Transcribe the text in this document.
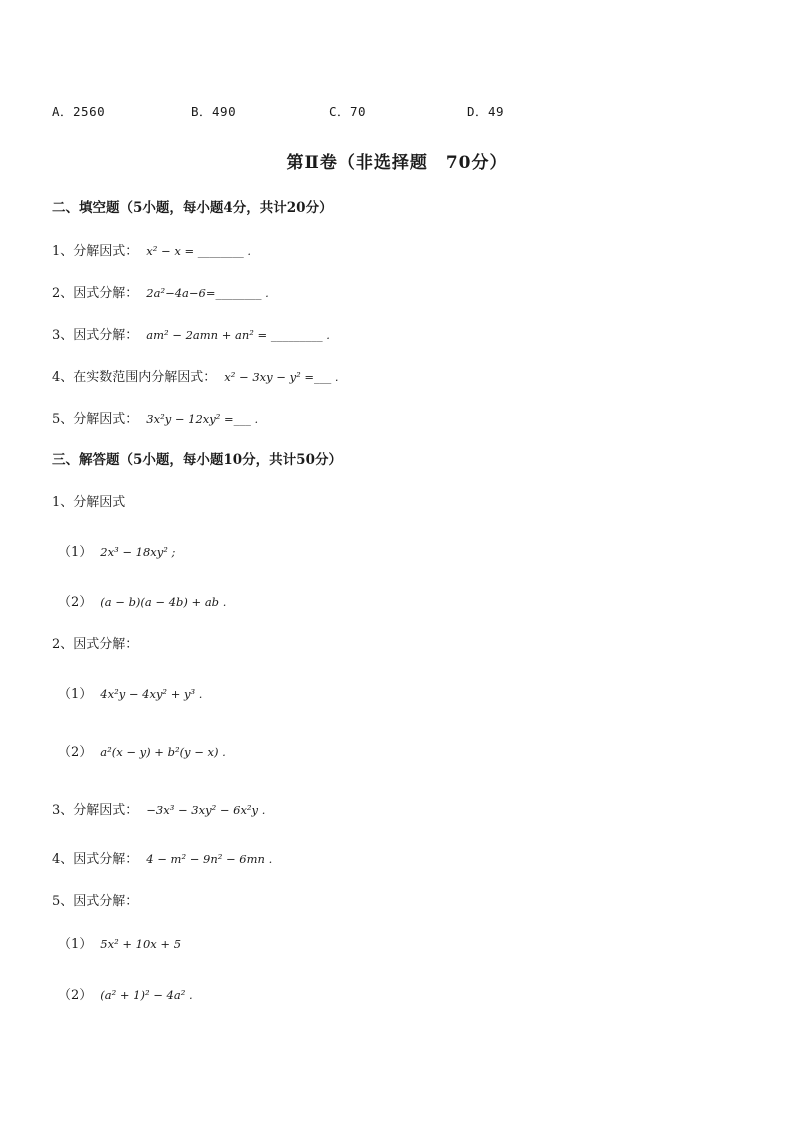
A．2560	B．490	C．70	D．49
第Ⅱ卷（非选择题　70分）
二、填空题（5小题，每小题4分，共计20分）
1、分解因式： x² − x = ________ .
2、因式分解： 2a²−4a−6=________ .
3、因式分解： am² − 2amn + an² = _________ .
4、在实数范围内分解因式： x² − 3xy − y² =___ .
5、分解因式： 3x²y − 12xy² =___ .
三、解答题（5小题，每小题10分，共计50分）
1、分解因式
（1） 2x³ − 18xy² ;
（2） (a − b)(a − 4b) + ab .
2、因式分解：
（1） 4x²y − 4xy² + y³ .
（2） a²(x − y) + b²(y − x) .
3、分解因式： −3x³ − 3xy² − 6x²y .
4、因式分解： 4 − m² − 9n² − 6mn .
5、因式分解：
（1） 5x² + 10x + 5
（2） (a² + 1)² − 4a² .
